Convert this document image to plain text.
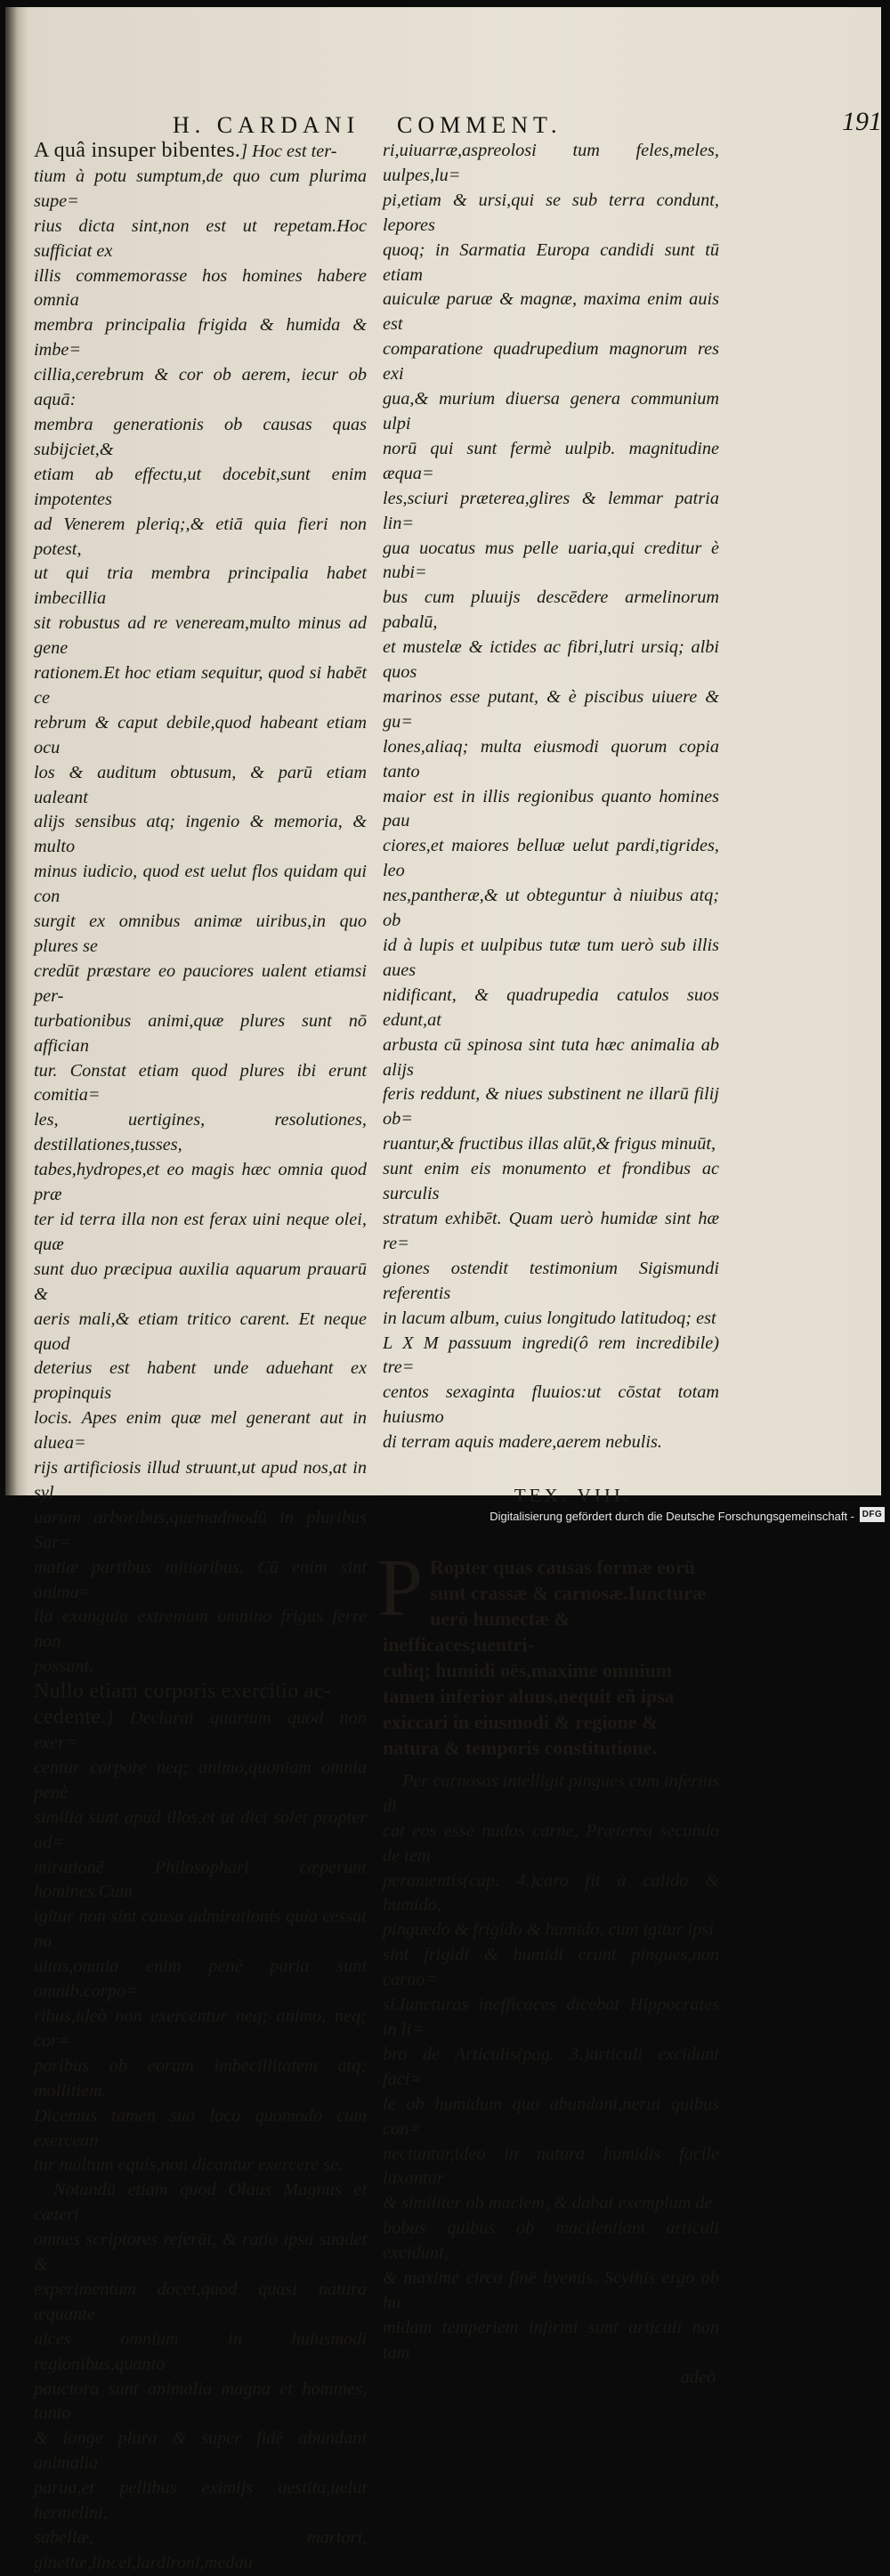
H. CARDANI COMMENT.	191

A quâ insuper bibentes.] Hoc est ter-
tium à potu sumptum,de quo cum plurima supe=
rius dicta sint,non est ut repetam.Hoc sufficiat ex
illis commemorasse hos homines habere omnia
membra principalia frigida & humida & imbe=
cillia,cerebrum & cor ob aerem, iecur ob aquā:
membra generationis ob causas quas subijciet,&
etiam ab effectu,ut docebit,sunt enim impotentes
ad Venerem pleriq;,& etiā quia fieri non potest,
ut qui tria membra principalia habet imbecillia
sit robustus ad re veneream,multo minus ad gene
rationem.Et hoc etiam sequitur, quod si habēt ce
rebrum & caput debile,quod habeant etiam ocu
los & auditum obtusum, & parū etiam ualeant
alijs sensibus atq; ingenio & memoria, & multo
minus iudicio, quod est uelut flos quidam qui con
surgit ex omnibus animæ uiribus,in quo plures se
credūt præstare eo pauciores ualent etiamsi per-
turbationibus animi,quæ plures sunt nō affician
tur. Constat etiam quod plures ibi erunt comitia=
les, uertigines, resolutiones, destillationes,tusses,
tabes,hydropes,et eo magis hæc omnia quod præ
ter id terra illa non est ferax uini neque olei, quæ
sunt duo præcipua auxilia aquarum prauarū &
aeris mali,& etiam tritico carent. Et neque quod
deterius est habent unde aduehant ex propinquis
locis. Apes enim quæ mel generant aut in aluea=
rijs artificiosis illud struunt,ut apud nos,at in syl
uarum arboribus,quemadmodū in pluribus Sar=
matiæ partibus mitioribus. Cū enim sint anima=
lia exanguia extremum omnino frigus ferre non
possunt.

Nullo etiam corporis exercitio ac-
cedente.] Declarat quartum quod non exer=
centur corpore neq; animo,quoniam omnia penè
similia sunt apud illos,et ut dici solet propter ad=
mirationē Philosophari cœperunt homines.Cum
igitur non sint causa admirationis quia cessat no
uitas,omnia enim penè paria sunt omnib.corpo=
ribus,ideò non exercentur neq; animo, neq; cor=
poribus ob eorum imbecillitatem atq; mollitiem.
Dicemus tamen suo loco quomodo cum exercean
tur multum equis,non dicantur exercere se.

Notandū etiam quod Olaus Magnus et cæteri
omnes scriptores referūt, & ratio ipsa suadet &
experimentum docet,quod quasi natura æquante
uices omnium in huiusmodi regionibus,quanto
pauciora sunt animalia magna et homines, tanto
& longe plura & super fidē abundant animalia
parua,et pellibus eximijs uestita,uelut hermelini,
sabellæ, martori, ginettæ,lincei,lardironi,medau

ri,uiuarræ,aspreolosi tum feles,meles, uulpes,lu=
pi,etiam & ursi,qui se sub terra condunt, lepores
quoq; in Sarmatia Europa candidi sunt tū etiam
auiculæ paruæ & magnæ, maxima enim auis est
comparatione quadrupedium magnorum res exi
gua,& murium diuersa genera communium ulpi
norū qui sunt fermè uulpib. magnitudine æqua=
les,sciuri præterea,glires & lemmar patria lin=
gua uocatus mus pelle uaria,qui creditur è nubi=
bus cum pluuijs descēdere armelinorum pabalū,
et mustelæ & ictides ac fibri,lutri ursiq; albi quos
marinos esse putant, & è piscibus uiuere & gu=
lones,aliaq; multa eiusmodi quorum copia tanto
maior est in illis regionibus quanto homines pau
ciores,et maiores belluæ uelut pardi,tigrides, leo
nes,pantheræ,& ut obteguntur à niuibus atq; ob
id à lupis et uulpibus tutæ tum uerò sub illis aues
nidificant, & quadrupedia catulos suos edunt,at
arbusta cū spinosa sint tuta hæc animalia ab alijs
feris reddunt, & niues substinent ne illarū filij ob=
ruantur,& fructibus illas alūt,& frigus minuūt,
sunt enim eis monumento et frondibus ac surculis
stratum exhibēt. Quam uerò humidæ sint hæ re=
giones ostendit testimonium Sigismundi referentis
in lacum album, cuius longitudo latitudoq; est
L X M passuum ingredi(ô rem incredibile) tre=
centos sexaginta fluuios:ut cōstat totam huiusmo
di terram aquis madere,aerem nebulis.

TEX. VIII.

P Ropter quas causas formæ eorū
sunt crassæ & carnosæ.Iuncturæ
uerò humectæ & inefficaces;uentri-
culiq; humidi oēs,maxime omnium
tamen inferior aluus,nequit eñ ipsa
exiccari in eiusmodi & regione &
natura & temporis constitutione.

Per carnosas intelligit pingues cum inferius di
cat eos esse nudos carne, Præterea secundo de tem
peramentis(cap. 4.)caro fit à calido & humido,
pinguedo & frigido & humido, cum igitur ipsi
sint frigidi & humidi erunt pingues,non carno=
si.Iuncturas inefficaces dicebat Hippocrates in li=
bro de Articulis(pag. 3.)articuli excidunt faci=
le ob humidum quo abundant,nerui quibus con=
nectuntur,ideo in natura humidis facile luxantur
& similiter ob maciem, & dabat exemplum de
bobus quibus ob macilentiam articuli excidunt,
& maximè circa finē hyemis. Scythis ergo ob hu
midam temperiem infirmi sunt articuli non tam

adeò
Digitalisierung gefördert durch die Deutsche Forschungsgemeinschaft - DFG
